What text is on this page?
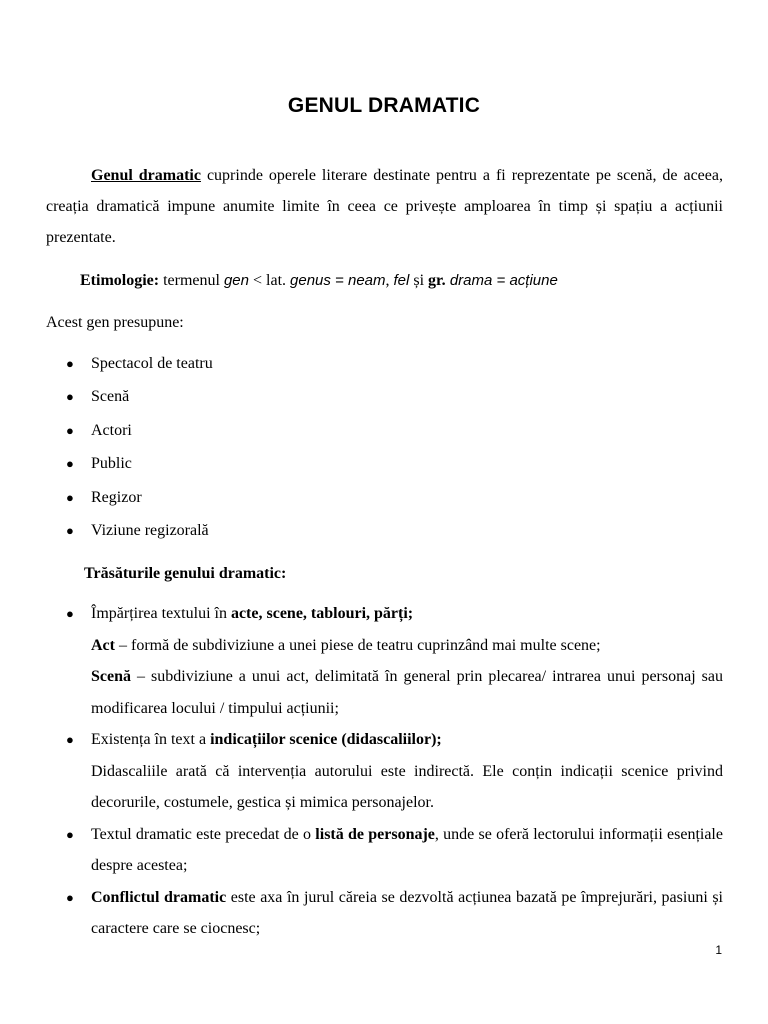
GENUL DRAMATIC
Genul dramatic cuprinde operele literare destinate pentru a fi reprezentate pe scenă, de aceea, creația dramatică impune anumite limite în ceea ce privește amploarea în timp și spațiu a acțiunii prezentate.
Etimologie: termenul gen < lat. genus = neam, fel și gr. drama = acțiune
Acest gen presupune:
● Spectacol de teatru
● Scenă
● Actori
● Public
● Regizor
● Viziune regizorală
Trăsăturile genului dramatic:
● Împărțirea textului în acte, scene, tablouri, părți;
Act – formă de subdiviziune a unei piese de teatru cuprinzând mai multe scene;
Scenă – subdiviziune a unui act, delimitată în general prin plecarea/ intrarea unui personaj sau modificarea locului / timpului acțiunii;
● Existența în text a indicațiilor scenice (didascaliilor);
Didascaliile arată că intervenția autorului este indirectă. Ele conțin indicații scenice privind decorurile, costumele, gestica și mimica personajelor.
● Textul dramatic este precedat de o listă de personaje, unde se oferă lectorului informații esențiale despre acestea;
● Conflictul dramatic este axa în jurul căreia se dezvoltă acțiunea bazată pe împrejurări, pasiuni și caractere care se ciocnesc;
1
